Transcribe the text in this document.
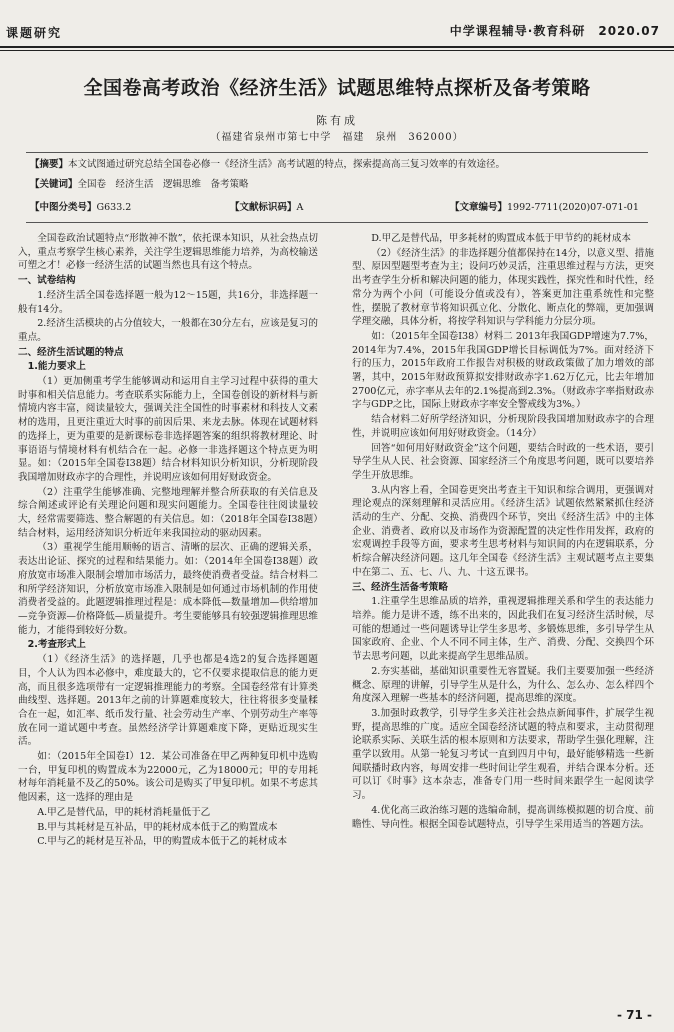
课题研究	中学课程辅导·教育科研　2020.07
全国卷高考政治《经济生活》试题思维特点探析及备考策略
陈有成
（福建省泉州市第七中学　福建　泉州　362000）
【摘要】本文试图通过研究总结全国卷必修一《经济生活》高考试题的特点，探索提高高三复习效率的有效途径。
【关键词】全国卷　经济生活　逻辑思维　备考策略
【中图分类号】G633.2	【文献标识码】A	【文章编号】1992-7711(2020)07-071-01

全国卷政治试题特点“形散神不散”，依托课本知识，从社会热点切入，重点考察学生核心素养，关注学生逻辑思维能力培养，为高校输送可塑之才！必修一经济生活的试题当然也具有这个特点。

一、试卷结构

1.经济生活全国卷选择题一般为12～15题，共16分，非选择题一般有14分。

2.经济生活模块的占分值较大，一般都在30分左右，应该是复习的重点。

二、经济生活试题的特点

1.能力要求上

（1）更加侧重考学生能够调动和运用自主学习过程中获得的重大时事和相关信息能力。考查联系实际能力上，全国卷创设的新材料与新情境内容丰富，阅读量较大，强调关注全国性的时事素材和科技人文素材的选用，且更注重近大时事的前因后果、来龙去脉。体现在试题材料的选择上，更为重要的是新课标卷非选择题答案的组织将教材理论、时事语语与情境材料有机结合在一起。必修一非选择题这个特点更为明显。如：（2015年全国卷I38题）结合材料知识分析知识，分析现阶段我国增加财政赤字的合理性，并说明应该如何用好财政资金。

（2）注重学生能够准确、完整地理解并整合所获取的有关信息及综合阐述或评论有关理论问题和现实问题能力。全国卷往往阅读量较大，经常需要筛选、整合解题的有关信息。如：（2018年全国卷I38题）结合材料，运用经济知识分析近年来我国拉动的驱动因素。

（3）重视学生能用顺畅的语言、清晰的层次、正确的逻辑关系，表达出论证、探究的过程和结果能力。如：（2014年全国卷I38题）政府放宽市场准入限制会增加市场活力，最终使消费者受益。结合材料二和所学经济知识，分析放宽市场准入限制是如何通过市场机制的作用使消费者受益的。此题逻辑推理过程是：成本降低—数量增加—供给增加—竞争资源—价格降低—质量提升。考生要能够具有较强逻辑推理思维能力，才能得到较好分数。

2.考查形式上

（1）《经济生活》的选择题，几乎也都是4选2的复合选择题题目，个人认为四本必修中，难度最大的，它不仅要求提取信息的能力更高，而且很多选项带有一定逻辑推理能力的考察。全国卷经常有计算类曲线型、选择题。2013年之前的计算题难度较大，往往将很多变量糅合在一起，如汇率、纸币发行量、社会劳动生产率、个别劳动生产率等放在同一道试题中考查。虽然经济学计算题难度下降，更贴近现实生活。

如：（2015年全国卷I）12．某公司准备在甲乙两种复印机中选购一台，甲复印机的购置成本为22000元，乙为18000元；甲的专用耗材每年消耗量不及乙的50%。该公司是购买了甲复印机。如果不考虑其他因素，这一选择的理由是

A.甲乙是替代品，甲的耗材消耗量低于乙

B.甲与其耗材是互补品，甲的耗材成本低于乙的购置成本

C.甲与乙的耗材是互补品，甲的购置成本低于乙的耗材成本

D.甲乙是替代品，甲多耗材的购置成本低于甲节约的耗材成本

（2）《经济生活》的非选择题分值都保持在14分，以意义型、措施型、原因型题型考查为主；设问巧妙灵活，注重思维过程与方法，更突出考查学生分析和解决问题的能力，体现实践性，探究性和时代性，经常分为两个小问（可能设分值或没有），答案更加注重系统性和完整性，摆脱了教材章节将知识孤立化、分散化、断点化的弊端，更加强调学理交融，具体分析，将按学科知识与学科能力分层分项。

如：（2015年全国卷I38）材料二 2013年我国GDP增速为7.7%，2014年为7.4%，2015年我国GDP增长目标调低为7%。面对经济下行的压力，2015年政府工作报告对积极的财政政策做了加力增效的部署，其中，2015年财政预算拟安排财政赤字1.62万亿元，比去年增加2700亿元，赤字率从去年的2.1%提高到2.3%。（财政赤字率指财政赤字与GDP之比，国际上财政赤字率安全警戒线为3%。）

结合材料二好所学经济知识，分析现阶段我国增加财政赤字的合理性，并说明应该如何用好财政资金。（14分）

回答“如何用好财政资金”这个问题，要结合时政的一些术语，要引导学生从人民、社会资源、国家经济三个角度思考问题，既可以要培养学生开放思维。

3.从内容上看，全国卷更突出考查主干知识和综合调用，更强调对理论观点的深刻理解和灵活应用。《经济生活》试题依然紧紧抓住经济活动的生产、分配、交换、消费四个环节，突出《经济生活》中的主体企业、消费者、政府以及市场作为资源配置的决定性作用发挥，政府的宏观调控手段等方面，要求考生思考材料与知识间的内在逻辑联系，分析综合解决经济问题。这几年全国卷《经济生活》主观试题考点主要集中在第二、五、七、八、九、十这五课书。

三、经济生活备考策略

1.注重学生思维品质的培养，重视逻辑推理关系和学生的表达能力培养。能力是讲不透，练不出来的，因此我们在复习经济生活时候，尽可能的想通过一些问题诱导让学生多思考、多锻炼思维，多引导学生从国家政府、企业、个人不同不同主体，生产、消费、分配、交换四个环节去思考问题，以此来提高学生思维品质。

2.夯实基础，基础知识重要性无容置疑。我们主要要加强一些经济概念、原理的讲解，引导学生从是什么，为什么、怎么办、怎么样四个角度深入理解一些基本的经济问题，提高思维的深度。

3.加强时政教学，引导学生多关注社会热点新闻事件，扩展学生视野，提高思维的广度。适应全国卷经济试题的特点和要求，主动贯彻理论联系实际、关联生活的根本原则和方法要求，帮助学生强化理解，注重学以致用。从第一轮复习考试一直到四月中旬，最好能够精选一些新闻联播时政内容，每周安排一些时间让学生观看，并结合课本分析。还可以订《时事》这本杂志，准备专门用一些时间来跟学生一起阅读学习。

4.优化高三政治练习题的选编命制，提高训练模拟题的切合度、前瞻性、导向性。根据全国卷试题特点，引导学生采用适当的答题方法。

- 71 -
